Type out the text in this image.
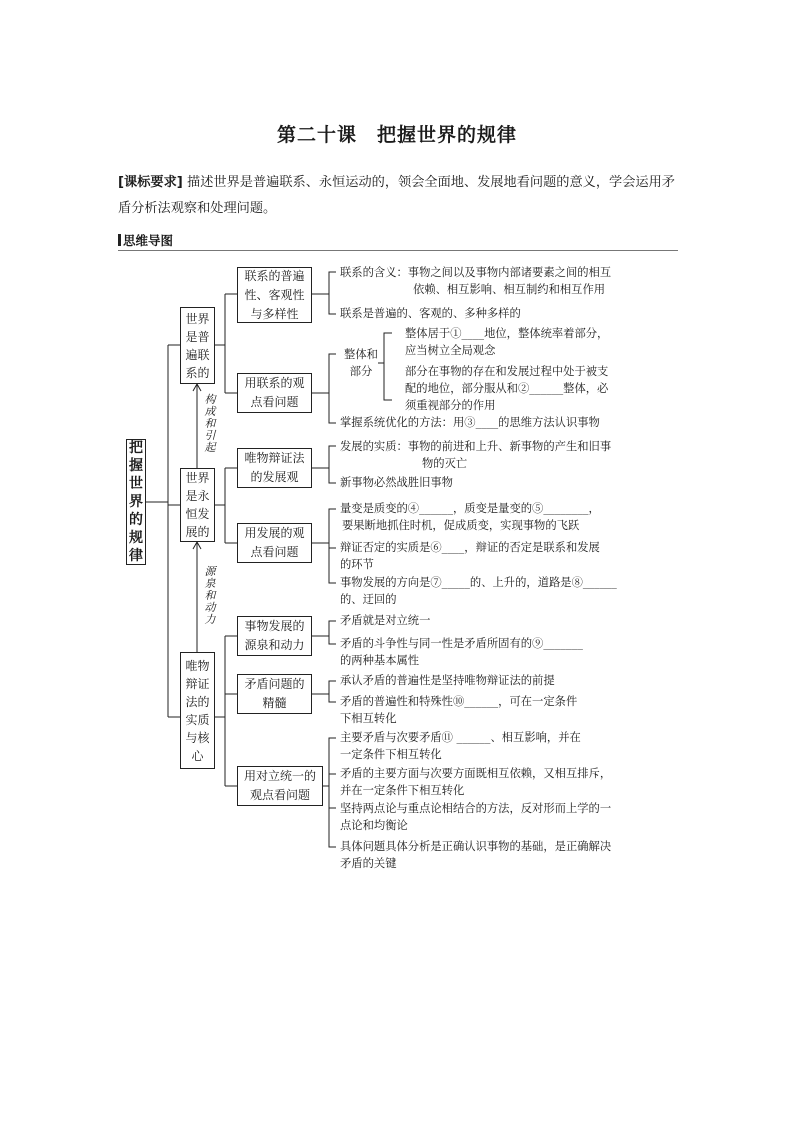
第二十课　把握世界的规律
[课标要求] 描述世界是普遍联系、永恒运动的，领会全面地、发展地看问题的意义，学会运用矛盾分析法观察和处理问题。
思维导图
把握世界的规律
世界是普遍联系的
世界是永恒发展的
唯物辩证法的实质与核心
构成和引起
源泉和动力
联系的普遍性、客观性与多样性
用联系的观点看问题
唯物辩证法的发展观
用发展的观点看问题
事物发展的源泉和动力
矛盾问题的精髓
用对立统一的观点看问题
整体和部分
联系的含义：事物之间以及事物内部诸要素之间的相互
依赖、相互影响、相互制约和相互作用
联系是普遍的、客观的、多种多样的
整体居于①____地位，整体统率着部分，
应当树立全局观念
部分在事物的存在和发展过程中处于被支
配的地位，部分服从和②______整体，必
须重视部分的作用
掌握系统优化的方法：用③____的思维方法认识事物
发展的实质：事物的前进和上升、新事物的产生和旧事
物的灭亡
新事物必然战胜旧事物
量变是质变的④______，质变是量变的⑤________，
要果断地抓住时机，促成质变，实现事物的飞跃
辩证否定的实质是⑥____，辩证的否定是联系和发展
的环节
事物发展的方向是⑦_____的、上升的，道路是⑧______
的、迂回的
矛盾就是对立统一
矛盾的斗争性与同一性是矛盾所固有的⑨_______
的两种基本属性
承认矛盾的普遍性是坚持唯物辩证法的前提
矛盾的普遍性和特殊性⑩______，可在一定条件
下相互转化
主要矛盾与次要矛盾⑪ ______、相互影响，并在
一定条件下相互转化
矛盾的主要方面与次要方面既相互依赖，又相互排斥，
并在一定条件下相互转化
坚持两点论与重点论相结合的方法，反对形而上学的一
点论和均衡论
具体问题具体分析是正确认识事物的基础，是正确解决
矛盾的关键
